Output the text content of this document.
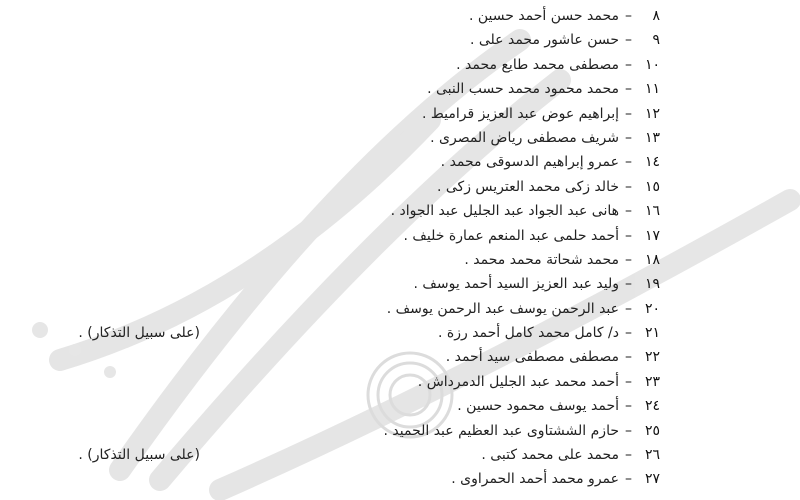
٨–محمد حسن أحمد حسين .
٩–حسن عاشور محمد على .
١٠–مصطفى محمد طايع محمد .
١١–محمد محمود محمد حسب النبى .
١٢–إبراهيم عوض عبد العزيز قراميط .
١٣–شريف مصطفى رياض المصرى .
١٤–عمرو إبراهيم الدسوقى محمد .
١٥–خالد زكى محمد العتريس زكى .
١٦–هانى عبد الجواد عبد الجليل عبد الجواد .
١٧–أحمد حلمى عبد المنعم عمارة خليف .
١٨–محمد شحاتة محمد محمد .
١٩–وليد عبد العزيز السيد أحمد يوسف .
٢٠–عبد الرحمن يوسف عبد الرحمن يوسف .
٢١–د/ كامل محمد كامل أحمد رزة .
(على سبيل التذكار) .
٢٢–مصطفى مصطفى سيد أحمد .
٢٣–أحمد محمد عبد الجليل الدمرداش .
٢٤–أحمد يوسف محمود حسين .
٢٥–حازم الششتاوى عبد العظيم عبد الحميد .
٢٦–محمد على محمد كتبى .
(على سبيل التذكار) .
٢٧–عمرو محمد أحمد الحمراوى .
